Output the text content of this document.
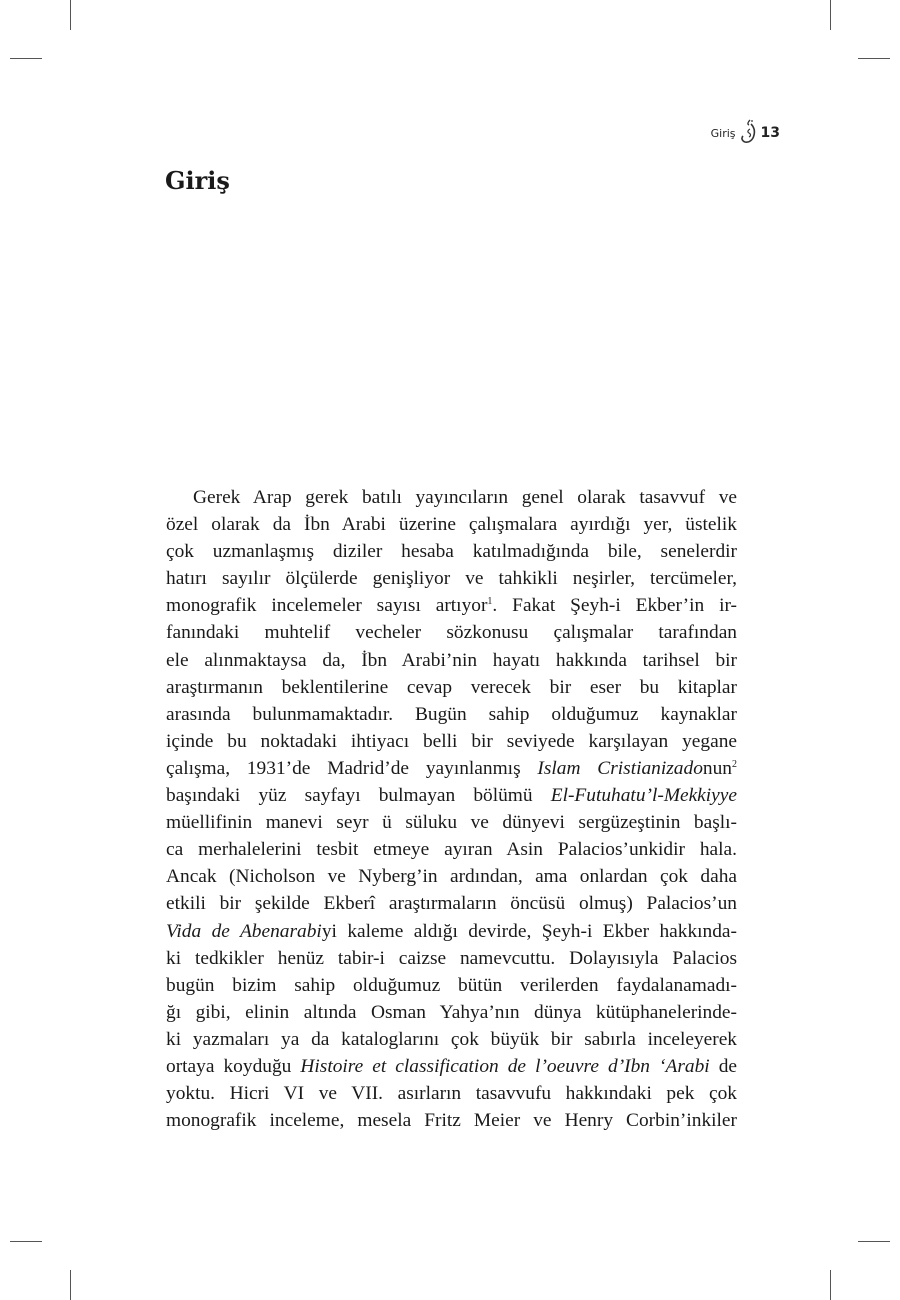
Giriş 13
Giriş
Gerek Arap gerek batılı yayıncıların genel olarak tasavvuf ve
özel olarak da İbn Arabi üzerine çalışmalara ayırdığı yer, üstelik
çok uzmanlaşmış diziler hesaba katılmadığında bile, senelerdir
hatırı sayılır ölçülerde genişliyor ve tahkikli neşirler, tercümeler,
monografik incelemeler sayısı artıyor$^1$. Fakat Şeyh-i Ekber’in ir-
fanındaki muhtelif vecheler sözkonusu çalışmalar tarafından
ele alınmaktaysa da, İbn Arabi’nin hayatı hakkında tarihsel bir
araştırmanın beklentilerine cevap verecek bir eser bu kitaplar
arasında bulunmamaktadır. Bugün sahip olduğumuz kaynaklar
içinde bu noktadaki ihtiyacı belli bir seviyede karşılayan yegane
çalışma, 1931’de Madrid’de yayınlanmış Islam Cristianizadonun$^2$
başındaki yüz sayfayı bulmayan bölümü El-Futuhatu’l-Mekkiyye
müellifinin manevi seyr ü süluku ve dünyevi sergüzeştinin başlı-
ca merhalelerini tesbit etmeye ayıran Asin Palacios’unkidir hala.
Ancak (Nicholson ve Nyberg’in ardından, ama onlardan çok daha
etkili bir şekilde Ekberî araştırmaların öncüsü olmuş) Palacios’un
Vida de Abenarabiyi kaleme aldığı devirde, Şeyh-i Ekber hakkında-
ki tedkikler henüz tabir-i caizse namevcuttu. Dolayısıyla Palacios
bugün bizim sahip olduğumuz bütün verilerden faydalanamadı-
ğı gibi, elinin altında Osman Yahya’nın dünya kütüphanelerinde-
ki yazmaları ya da kataloglarını çok büyük bir sabırla inceleyerek
ortaya koyduğu Histoire et classification de l’oeuvre d’Ibn ‘Arabi de
yoktu. Hicri VI ve VII. asırların tasavvufu hakkındaki pek çok
monografik inceleme, mesela Fritz Meier ve Henry Corbin’inkiler
